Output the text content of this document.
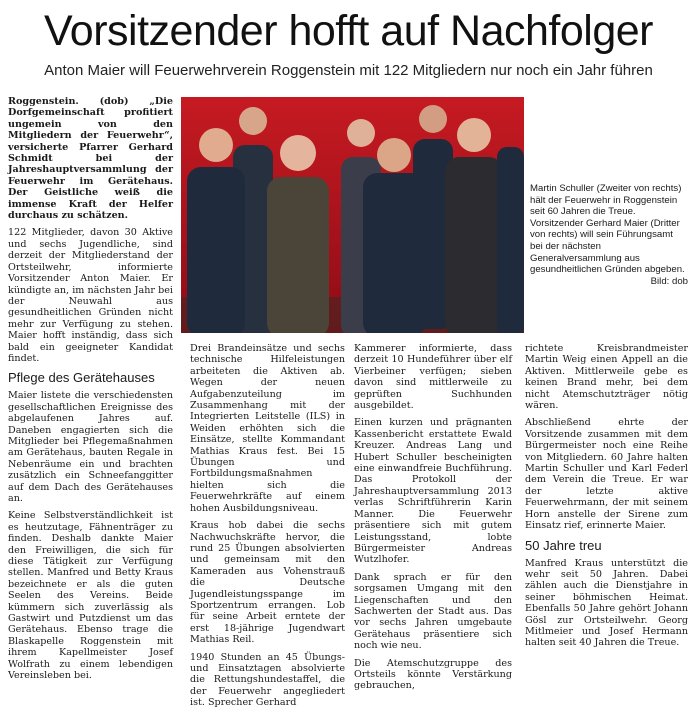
Vorsitzender hofft auf Nachfolger
Anton Maier will Feuerwehrverein Roggenstein mit 122 Mitgliedern nur noch ein Jahr führen

Roggenstein. (dob) „Die Dorfgemeinschaft profitiert ungemein von den Mitgliedern der Feuerwehr“, versicherte Pfarrer Gerhard Schmidt bei der Jahreshauptversammlung der Feuerwehr im Gerätehaus. Der Geistliche weiß die immense Kraft der Helfer durchaus zu schätzen.

122 Mitglieder, davon 30 Aktive und sechs Jugendliche, sind derzeit der Mitgliederstand der Ortsteilwehr, informierte Vorsitzender Anton Maier. Er kündigte an, im nächsten Jahr bei der Neuwahl aus gesundheitlichen Gründen nicht mehr zur Verfügung zu stehen. Maier hofft inständig, dass sich bald ein geeigneter Kandidat findet.

Pflege des Gerätehauses

Maier listete die verschiedensten gesellschaftlichen Ereignisse des abgelaufenen Jahres auf. Daneben engagierten sich die Mitglieder bei Pflegemaßnahmen am Gerätehaus, bauten Regale in Nebenräume ein und brachten zusätzlich ein Schneefanggitter auf dem Dach des Gerätehauses an.

Keine Selbstverständlichkeit ist es heutzutage, Fähnenträger zu finden. Deshalb dankte Maier den Freiwilligen, die sich für diese Tätigkeit zur Verfügung stellen. Manfred und Betty Kraus bezeichnete er als die guten Seelen des Vereins. Beide kümmern sich zuverlässig als Gastwirt und Putzdienst um das Gerätehaus. Ebenso trage die Blaskapelle Roggenstein mit ihrem Kapellmeister Josef Wolfrath zu einem lebendigen Vereinsleben bei.

Martin Schuller (Zweiter von rechts) hält der Feuerwehr in Roggenstein seit 60 Jahren die Treue. Vorsitzender Gerhard Maier (Dritter von rechts) will sein Führungsamt bei der nächsten Generalversammlung aus gesundheitlichen Gründen abgeben.
Bild: dob

Drei Brandeinsätze und sechs technische Hilfeleistungen arbeiteten die Aktiven ab. Wegen der neuen Aufgabenzuteilung im Zusammenhang mit der Integrierten Leitstelle (ILS) in Weiden erhöhten sich die Einsätze, stellte Kommandant Mathias Kraus fest. Bei 15 Übungen und Fortbildungsmaßnahmen hielten sich die Feuerwehrkräfte auf einem hohen Ausbildungsniveau.

Kraus hob dabei die sechs Nachwuchskräfte hervor, die rund 25 Übungen absolvierten und gemeinsam mit den Kameraden aus Vohenstrauß die Deutsche Jugendleistungsspange im Sportzentrum errangen. Lob für seine Arbeit erntete der erst 18-jährige Jugendwart Mathias Reil.

1940 Stunden an 45 Übungs- und Einsatztagen absolvierte die Rettungshundestaffel, die der Feuerwehr angegliedert ist. Sprecher Gerhard

Kammerer informierte, dass derzeit 10 Hundeführer über elf Vierbeiner verfügen; sieben davon sind mittlerweile zu geprüften Suchhunden ausgebildet.

Einen kurzen und prägnanten Kassenbericht erstattete Ewald Kreuzer. Andreas Lang und Hubert Schuller bescheinigten eine einwandfreie Buchführung. Das Protokoll der Jahreshauptversammlung 2013 verlas Schriftführerin Karin Manner. Die Feuerwehr präsentiere sich mit gutem Leistungsstand, lobte Bürgermeister Andreas Wutzlhofer.

Dank sprach er für den sorgsamen Umgang mit den Liegenschaften und den Sachwerten der Stadt aus. Das vor sechs Jahren umgebaute Gerätehaus präsentiere sich noch wie neu.

Die Atemschutzgruppe des Ortsteils könnte Verstärkung gebrauchen,

richtete Kreisbrandmeister Martin Weig einen Appell an die Aktiven. Mittlerweile gebe es keinen Brand mehr, bei dem nicht Atemschutzträger nötig wären.

Abschließend ehrte der Vorsitzende zusammen mit dem Bürgermeister noch eine Reihe von Mitgliedern. 60 Jahre halten Martin Schuller und Karl Federl dem Verein die Treue. Er war der letzte aktive Feuerwehrmann, der mit seinem Horn anstelle der Sirene zum Einsatz rief, erinnerte Maier.

50 Jahre treu

Manfred Kraus unterstützt die wehr seit 50 Jahren. Dabei zählen auch die Dienstjahre in seiner böhmischen Heimat. Ebenfalls 50 Jahre gehört Johann Gösl zur Ortsteilwehr. Georg Mitlmeier und Josef Hermann halten seit 40 Jahren die Treue.
